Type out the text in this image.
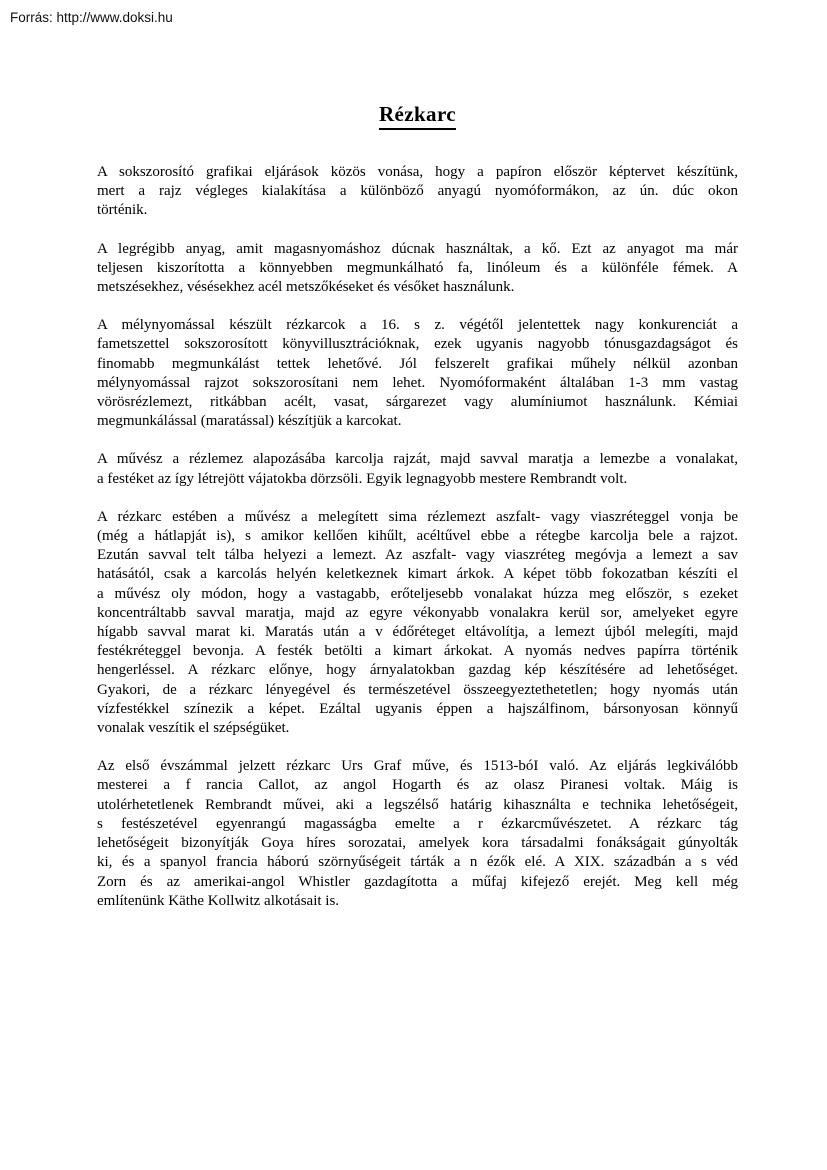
Forrás: http://www.doksi.hu
Rézkarc
A sokszorosító grafikai eljárások közös vonása, hogy a papíron először képtervet készítünk,
mert a rajz végleges kialakítása a különböző anyagú nyomóformákon, az ún. dúc okon
történik.
A legrégibb anyag, amit magasnyomáshoz dúcnak használtak, a kő. Ezt az anyagot ma már
teljesen kiszorította a könnyebben megmunkálható fa, linóleum és a különféle fémek. A
metszésekhez, vésésekhez acél metszőkéseket és vésőket használunk.
A mélynyomással készült rézkarcok a 16. s z. végétől jelentettek nagy konkurenciát a
fametszettel sokszorosított könyvillusztrációknak, ezek ugyanis nagyobb tónusgazdagságot és
finomabb megmunkálást tettek lehetővé. Jól felszerelt grafikai műhely nélkül azonban
mélynyomással rajzot sokszorosítani nem lehet. Nyomóformaként általában 1-3 mm vastag
vörösrézlemezt, ritkábban acélt, vasat, sárgarezet vagy alumíniumot használunk. Kémiai
megmunkálással (maratással) készítjük a karcokat.
A művész a rézlemez alapozásába karcolja rajzát, majd savval maratja a lemezbe a vonalakat,
a festéket az így létrejött vájatokba dörzsöli. Egyik legnagyobb mestere Rembrandt volt.
A rézkarc estében a művész a melegített sima rézlemezt aszfalt- vagy viaszréteggel vonja be
(még a hátlapját is), s amikor kellően kihűlt, acéltűvel ebbe a rétegbe karcolja bele a rajzot.
Ezután savval telt tálba helyezi a lemezt. Az aszfalt- vagy viaszréteg megóvja a lemezt a sav
hatásától, csak a karcolás helyén keletkeznek kimart árkok. A képet több fokozatban készíti el
a művész oly módon, hogy a vastagabb, erőteljesebb vonalakat húzza meg először, s ezeket
koncentráltabb savval maratja, majd az egyre vékonyabb vonalakra kerül sor, amelyeket egyre
hígabb savval marat ki. Maratás után a v édőréteget eltávolítja, a lemezt újból melegíti, majd
festékréteggel bevonja. A festék betölti a kimart árkokat. A nyomás nedves papírra történik
hengerléssel. A rézkarc előnye, hogy árnyalatokban gazdag kép készítésére ad lehetőséget.
Gyakori, de a rézkarc lényegével és természetével összeegyeztethetetlen; hogy nyomás után
vízfestékkel színezik a képet. Ezáltal ugyanis éppen a hajszálfinom, bársonyosan könnyű
vonalak veszítik el szépségüket.
Az első évszámmal jelzett rézkarc Urs Graf műve, és 1513-bóI való. Az eljárás legkiválóbb
mesterei a f rancia Callot, az angol Hogarth és az olasz Piranesi voltak. Máig is
utolérhetetlenek Rembrandt művei, aki a legszélső határig kihasználta e technika lehetőségeit,
s festészetével egyenrangú magasságba emelte a r ézkarcművészetet. A rézkarc tág
lehetőségeit bizonyítják Goya híres sorozatai, amelyek kora társadalmi fonákságait gúnyolták
ki, és a spanyol francia háború szörnyűségeit tárták a n ézők elé. A XIX. századbán a s véd
Zorn és az amerikai-angol Whistler gazdagította a műfaj kifejező erejét. Meg kell még
említenünk Käthe Kollwitz alkotásait is.
